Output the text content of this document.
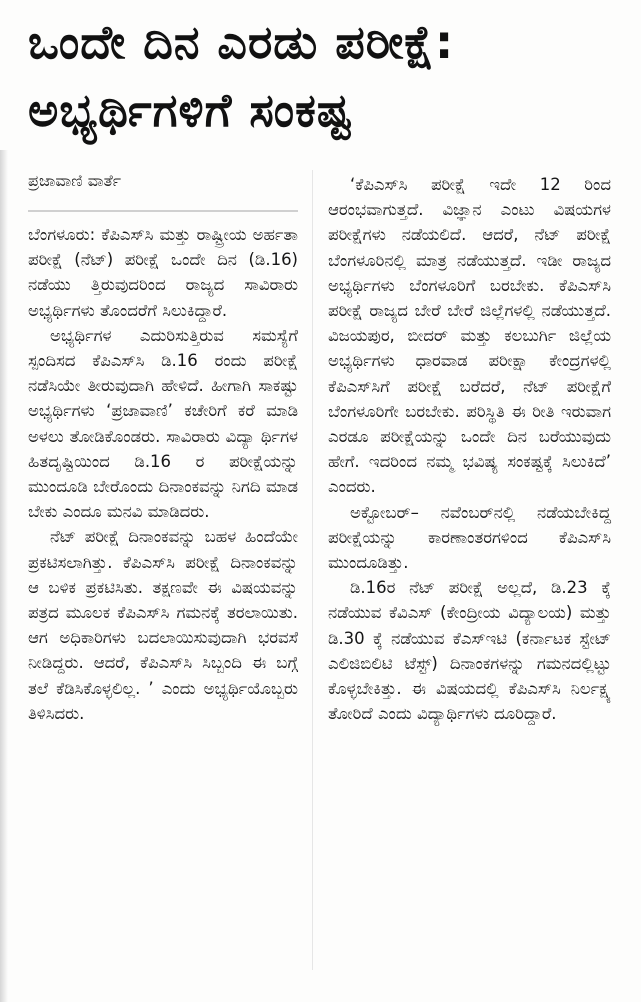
ಒಂದೇ ದಿನ ಎರಡು ಪರೀಕ್ಷೆ:
ಅಭ್ಯರ್ಥಿಗಳಿಗೆ ಸಂಕಷ್ಟ

ಪ್ರಜಾವಾಣಿ ವಾರ್ತೆ

ಬೆಂಗಳೂರು: ಕೆಪಿಎಸ್‌ಸಿ ಮತ್ತು ರಾಷ್ಟ್ರೀಯ ಅರ್ಹತಾ ಪರೀಕ್ಷೆ (ನೆಟ್) ಪರೀಕ್ಷೆ ಒಂದೇ ದಿನ (ಡಿ.16) ನಡೆಯು ತ್ತಿರುವುದರಿಂದ ರಾಜ್ಯದ ಸಾವಿರಾರು ಅಭ್ಯರ್ಥಿಗಳು ತೊಂದರೆಗೆ ಸಿಲುಕಿದ್ದಾರೆ.

ಅಭ್ಯರ್ಥಿಗಳ ಎದುರಿಸುತ್ತಿರುವ ಸಮಸ್ಯೆಗೆ ಸ್ಪಂದಿಸದ ಕೆಪಿಎಸ್‌ಸಿ ಡಿ.16 ರಂದು ಪರೀಕ್ಷೆ ನಡೆಸಿಯೇ ತೀರುವುದಾಗಿ ಹೇಳಿದೆ. ಹೀಗಾಗಿ ಸಾಕಷ್ಟು ಅಭ್ಯರ್ಥಿಗಳು ‘ಪ್ರಜಾವಾಣಿ’ ಕಚೇರಿಗೆ ಕರೆ ಮಾಡಿ ಅಳಲು ತೋಡಿಕೊಂಡರು. ಸಾವಿರಾರು ವಿದ್ಯಾ ರ್ಥಿಗಳ ಹಿತದೃಷ್ಟಿಯಿಂದ ಡಿ.16 ರ ಪರೀಕ್ಷೆಯನ್ನು ಮುಂದೂಡಿ ಬೇರೊಂದು ದಿನಾಂಕವನ್ನು ನಿಗದಿ ಮಾಡ ಬೇಕು ಎಂದೂ ಮನವಿ ಮಾಡಿದರು.

ನೆಟ್ ಪರೀಕ್ಷೆ ದಿನಾಂಕವನ್ನು ಬಹಳ ಹಿಂದೆಯೇ ಪ್ರಕಟಿಸಲಾಗಿತ್ತು. ಕೆಪಿಎಸ್‌ಸಿ ಪರೀಕ್ಷೆ ದಿನಾಂಕವನ್ನು ಆ ಬಳಿಕ ಪ್ರಕಟಿಸಿತು. ತಕ್ಷಣವೇ ಈ ವಿಷಯವನ್ನು ಪತ್ರದ ಮೂಲಕ ಕೆಪಿಎಸ್‌ಸಿ ಗಮನಕ್ಕೆ ತರಲಾಯಿತು. ಆಗ ಅಧಿಕಾರಿಗಳು ಬದಲಾಯಿಸುವುದಾಗಿ ಭರವಸೆ ನೀಡಿದ್ದರು. ಆದರೆ, ಕೆಪಿಎಸ್‌ಸಿ ಸಿಬ್ಬಂದಿ ಈ ಬಗ್ಗೆ ತಲೆ ಕೆಡಿಸಿಕೊಳ್ಳಲಿಲ್ಲ. ’ ಎಂದು ಅಭ್ಯರ್ಥಿಯೊಬ್ಬರು ತಿಳಿಸಿದರು.

‘ಕೆಪಿಎಸ್‌ಸಿ ಪರೀಕ್ಷೆ ಇದೇ 12 ರಿಂದ ಆರಂಭವಾಗುತ್ತದೆ. ವಿಜ್ಞಾನ ಎಂಟು ವಿಷಯಗಳ ಪರೀಕ್ಷೆಗಳು ನಡೆಯಲಿದೆ. ಆದರೆ, ನೆಟ್ ಪರೀಕ್ಷೆ ಬೆಂಗಳೂರಿನಲ್ಲಿ ಮಾತ್ರ ನಡೆಯುತ್ತದೆ. ಇಡೀ ರಾಜ್ಯದ ಅಭ್ಯರ್ಥಿಗಳು ಬೆಂಗಳೂರಿಗೆ ಬರಬೇಕು. ಕೆಪಿಎಸ್‌ಸಿ ಪರೀಕ್ಷೆ ರಾಜ್ಯದ ಬೇರೆ ಬೇರೆ ಜಿಲ್ಲೆಗಳಲ್ಲಿ ನಡೆಯುತ್ತದೆ. ವಿಜಯಪುರ, ಬೀದರ್ ಮತ್ತು ಕಲಬುರ್ಗಿ ಜಿಲ್ಲೆಯ ಅಭ್ಯರ್ಥಿಗಳು ಧಾರವಾಡ ಪರೀಕ್ಷಾ ಕೇಂದ್ರಗಳಲ್ಲಿ ಕೆಪಿಎಸ್‌ಸಿಗೆ ಪರೀಕ್ಷೆ ಬರೆದರೆ, ನೆಟ್ ಪರೀಕ್ಷೆಗೆ ಬೆಂಗಳೂರಿಗೇ ಬರಬೇಕು. ಪರಿಸ್ಥಿತಿ ಈ ರೀತಿ ಇರುವಾಗ ಎರಡೂ ಪರೀಕ್ಷೆಯನ್ನು ಒಂದೇ ದಿನ ಬರೆಯುವುದು ಹೇಗೆ. ಇದರಿಂದ ನಮ್ಮ ಭವಿಷ್ಯ ಸಂಕಷ್ಟಕ್ಕೆ ಸಿಲುಕಿದೆ’ ಎಂದರು.

ಅಕ್ಟೋಬರ್– ನವೆಂಬರ್‌ನಲ್ಲಿ ನಡೆಯಬೇಕಿದ್ದ ಪರೀಕ್ಷೆಯನ್ನು ಕಾರಣಾಂತರಗಳಿಂದ ಕೆಪಿಎಸ್‌ಸಿ ಮುಂದೂಡಿತ್ತು.

ಡಿ.16ರ ನೆಟ್ ಪರೀಕ್ಷೆ ಅಲ್ಲದೆ, ಡಿ.23 ಕ್ಕೆ ನಡೆಯುವ ಕೆವಿಎಸ್ (ಕೇಂದ್ರೀಯ ವಿದ್ಯಾಲಯ) ಮತ್ತು ಡಿ.30 ಕ್ಕೆ ನಡೆಯುವ ಕೆಎಸ್‌ಇಟಿ (ಕರ್ನಾಟಕ ಸ್ಟೇಟ್ ಎಲಿಜಿಬಿಲಿಟಿ ಟೆಸ್ಟ್) ದಿನಾಂಕಗಳನ್ನು ಗಮನದಲ್ಲಿಟ್ಟು ಕೊಳ್ಳಬೇಕಿತ್ತು. ಈ ವಿಷಯದಲ್ಲಿ ಕೆಪಿಎಸ್‌ಸಿ ನಿರ್ಲಕ್ಷ್ಯ ತೋರಿದೆ ಎಂದು ವಿದ್ಯಾರ್ಥಿಗಳು ದೂರಿದ್ದಾರೆ.
